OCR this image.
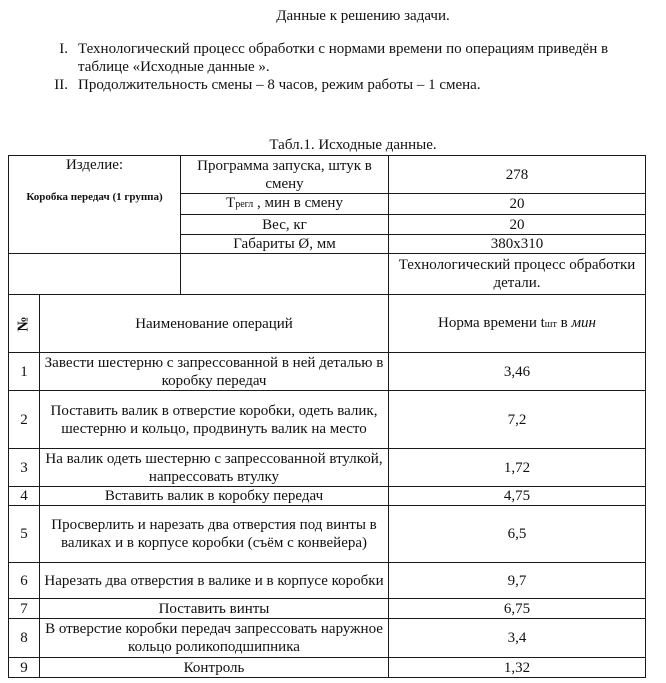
Данные к решению задачи.
I. Технологический процесс обработки с нормами времени по операциям приведён в таблице «Исходные данные ».
II. Продолжительность смены – 8 часов, режим работы – 1 смена.
Табл.1. Исходные данные.
Изделие:
Коробка передач (1 группа)		Программа запуска, штук в смену	278
		Трегл , мин в смену	20
		Вес, кг	20
		Габариты Ø, мм	380x310
			Технологический процесс обработки детали.
№	Наименование операций		Норма времени tшт в мин
1	Завести шестерню с запрессованной в ней деталью в коробку передач		3,46
2	Поставить валик в отверстие коробки, одеть валик, шестерню и кольцо, продвинуть валик на место		7,2
3	На валик одеть шестерню с запрессованной втулкой, напрессовать втулку		1,72
4	Вставить валик в коробку передач		4,75
5	Просверлить и нарезать два отверстия под винты в валиках и в корпусе коробки (съём с конвейера)		6,5
6	Нарезать два отверстия в валике и в корпусе коробки		9,7
7	Поставить винты		6,75
8	В отверстие коробки передач запрессовать наружное кольцо роликоподшипника		3,4
9	Контроль		1,32
